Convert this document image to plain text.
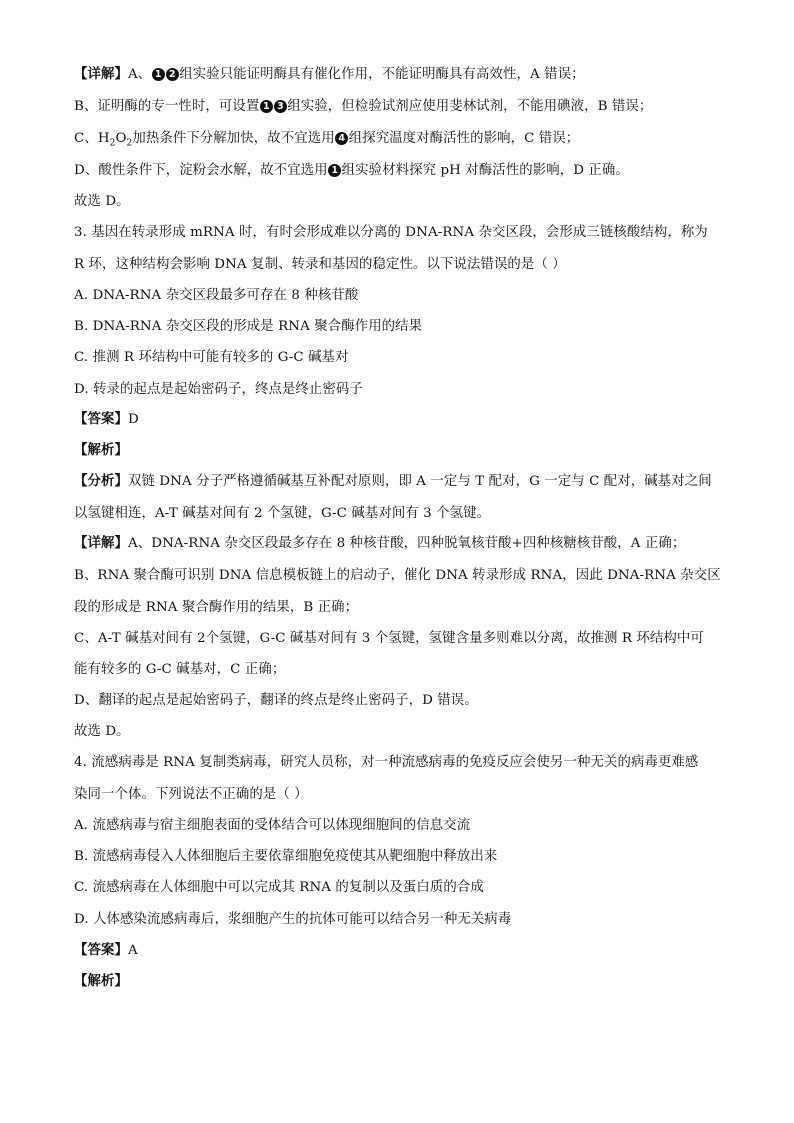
【详解】A、 1 2 组实验只能证明酶具有催化作用，不能证明酶具有高效性，A 错误；
B、证明酶的专一性时，可设置 1 3 组实验，但检验试剂应使用斐林试剂，不能用碘液，B 错误；
C、$H_2O_2$加热条件下分解加快，故不宜选用 4 组探究温度对酶活性的影响，C 错误；
D、酸性条件下，淀粉会水解，故不宜选用 1 组实验材料探究 pH 对酶活性的影响，D 正确。
故选 D。
3. 基因在转录形成 mRNA 时，有时会形成难以分离的 DNA-RNA 杂交区段，会形成三链核酸结构，称为
R 环，这种结构会影响 DNA 复制、转录和基因的稳定性。以下说法错误的是（ ）
A. DNA-RNA 杂交区段最多可存在 8 种核苷酸
B. DNA-RNA 杂交区段的形成是 RNA 聚合酶作用的结果
C. 推测 R 环结构中可能有较多的 G-C 碱基对
D. 转录的起点是起始密码子，终点是终止密码子
【答案】D
【解析】
【分析】双链 DNA 分子严格遵循碱基互补配对原则，即 A 一定与 T 配对，G 一定与 C 配对，碱基对之间
以氢键相连，A-T 碱基对间有 2 个氢键，G-C 碱基对间有 3 个氢键。
【详解】A、DNA-RNA 杂交区段最多存在 8 种核苷酸，四种脱氧核苷酸+四种核糖核苷酸，A 正确；
B、RNA 聚合酶可识别 DNA 信息模板链上的启动子，催化 DNA 转录形成 RNA，因此 DNA-RNA 杂交区
段的形成是 RNA 聚合酶作用的结果，B 正确；
C、A-T 碱基对间有 2个氢键，G-C 碱基对间有 3 个氢键，氢键含量多则难以分离，故推测 R 环结构中可
能有较多的 G-C 碱基对，C 正确；
D、翻译的起点是起始密码子，翻译的终点是终止密码子，D 错误。
故选 D。
4. 流感病毒是 RNA 复制类病毒，研究人员称，对一种流感病毒的免疫反应会使另一种无关的病毒更难感
染同一个体。下列说法不正确的是（ ）
A. 流感病毒与宿主细胞表面的受体结合可以体现细胞间的信息交流
B. 流感病毒侵入人体细胞后主要依靠细胞免疫使其从靶细胞中释放出来
C. 流感病毒在人体细胞中可以完成其 RNA 的复制以及蛋白质的合成
D. 人体感染流感病毒后，浆细胞产生的抗体可能可以结合另一种无关病毒
【答案】A
【解析】
